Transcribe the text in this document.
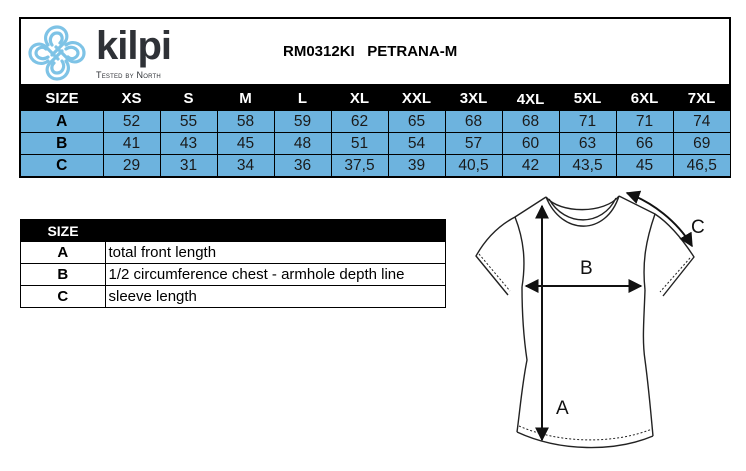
kilpi
Tested by North
RM0312KI   PETRANA-M
SIZE	XS	S	M	L	XL	XXL	3XL	4XL	5XL	6XL	7XL
A	52	55	58	59	62	65	68	68	71	71	74
B	41	43	45	48	51	54	57	60	63	66	69
C	29	31	34	36	37,5	39	40,5	42	43,5	45	46,5
SIZE	
A	total front length
B	1/2 circumference chest - armhole depth line
C	sleeve length
B
A
C
